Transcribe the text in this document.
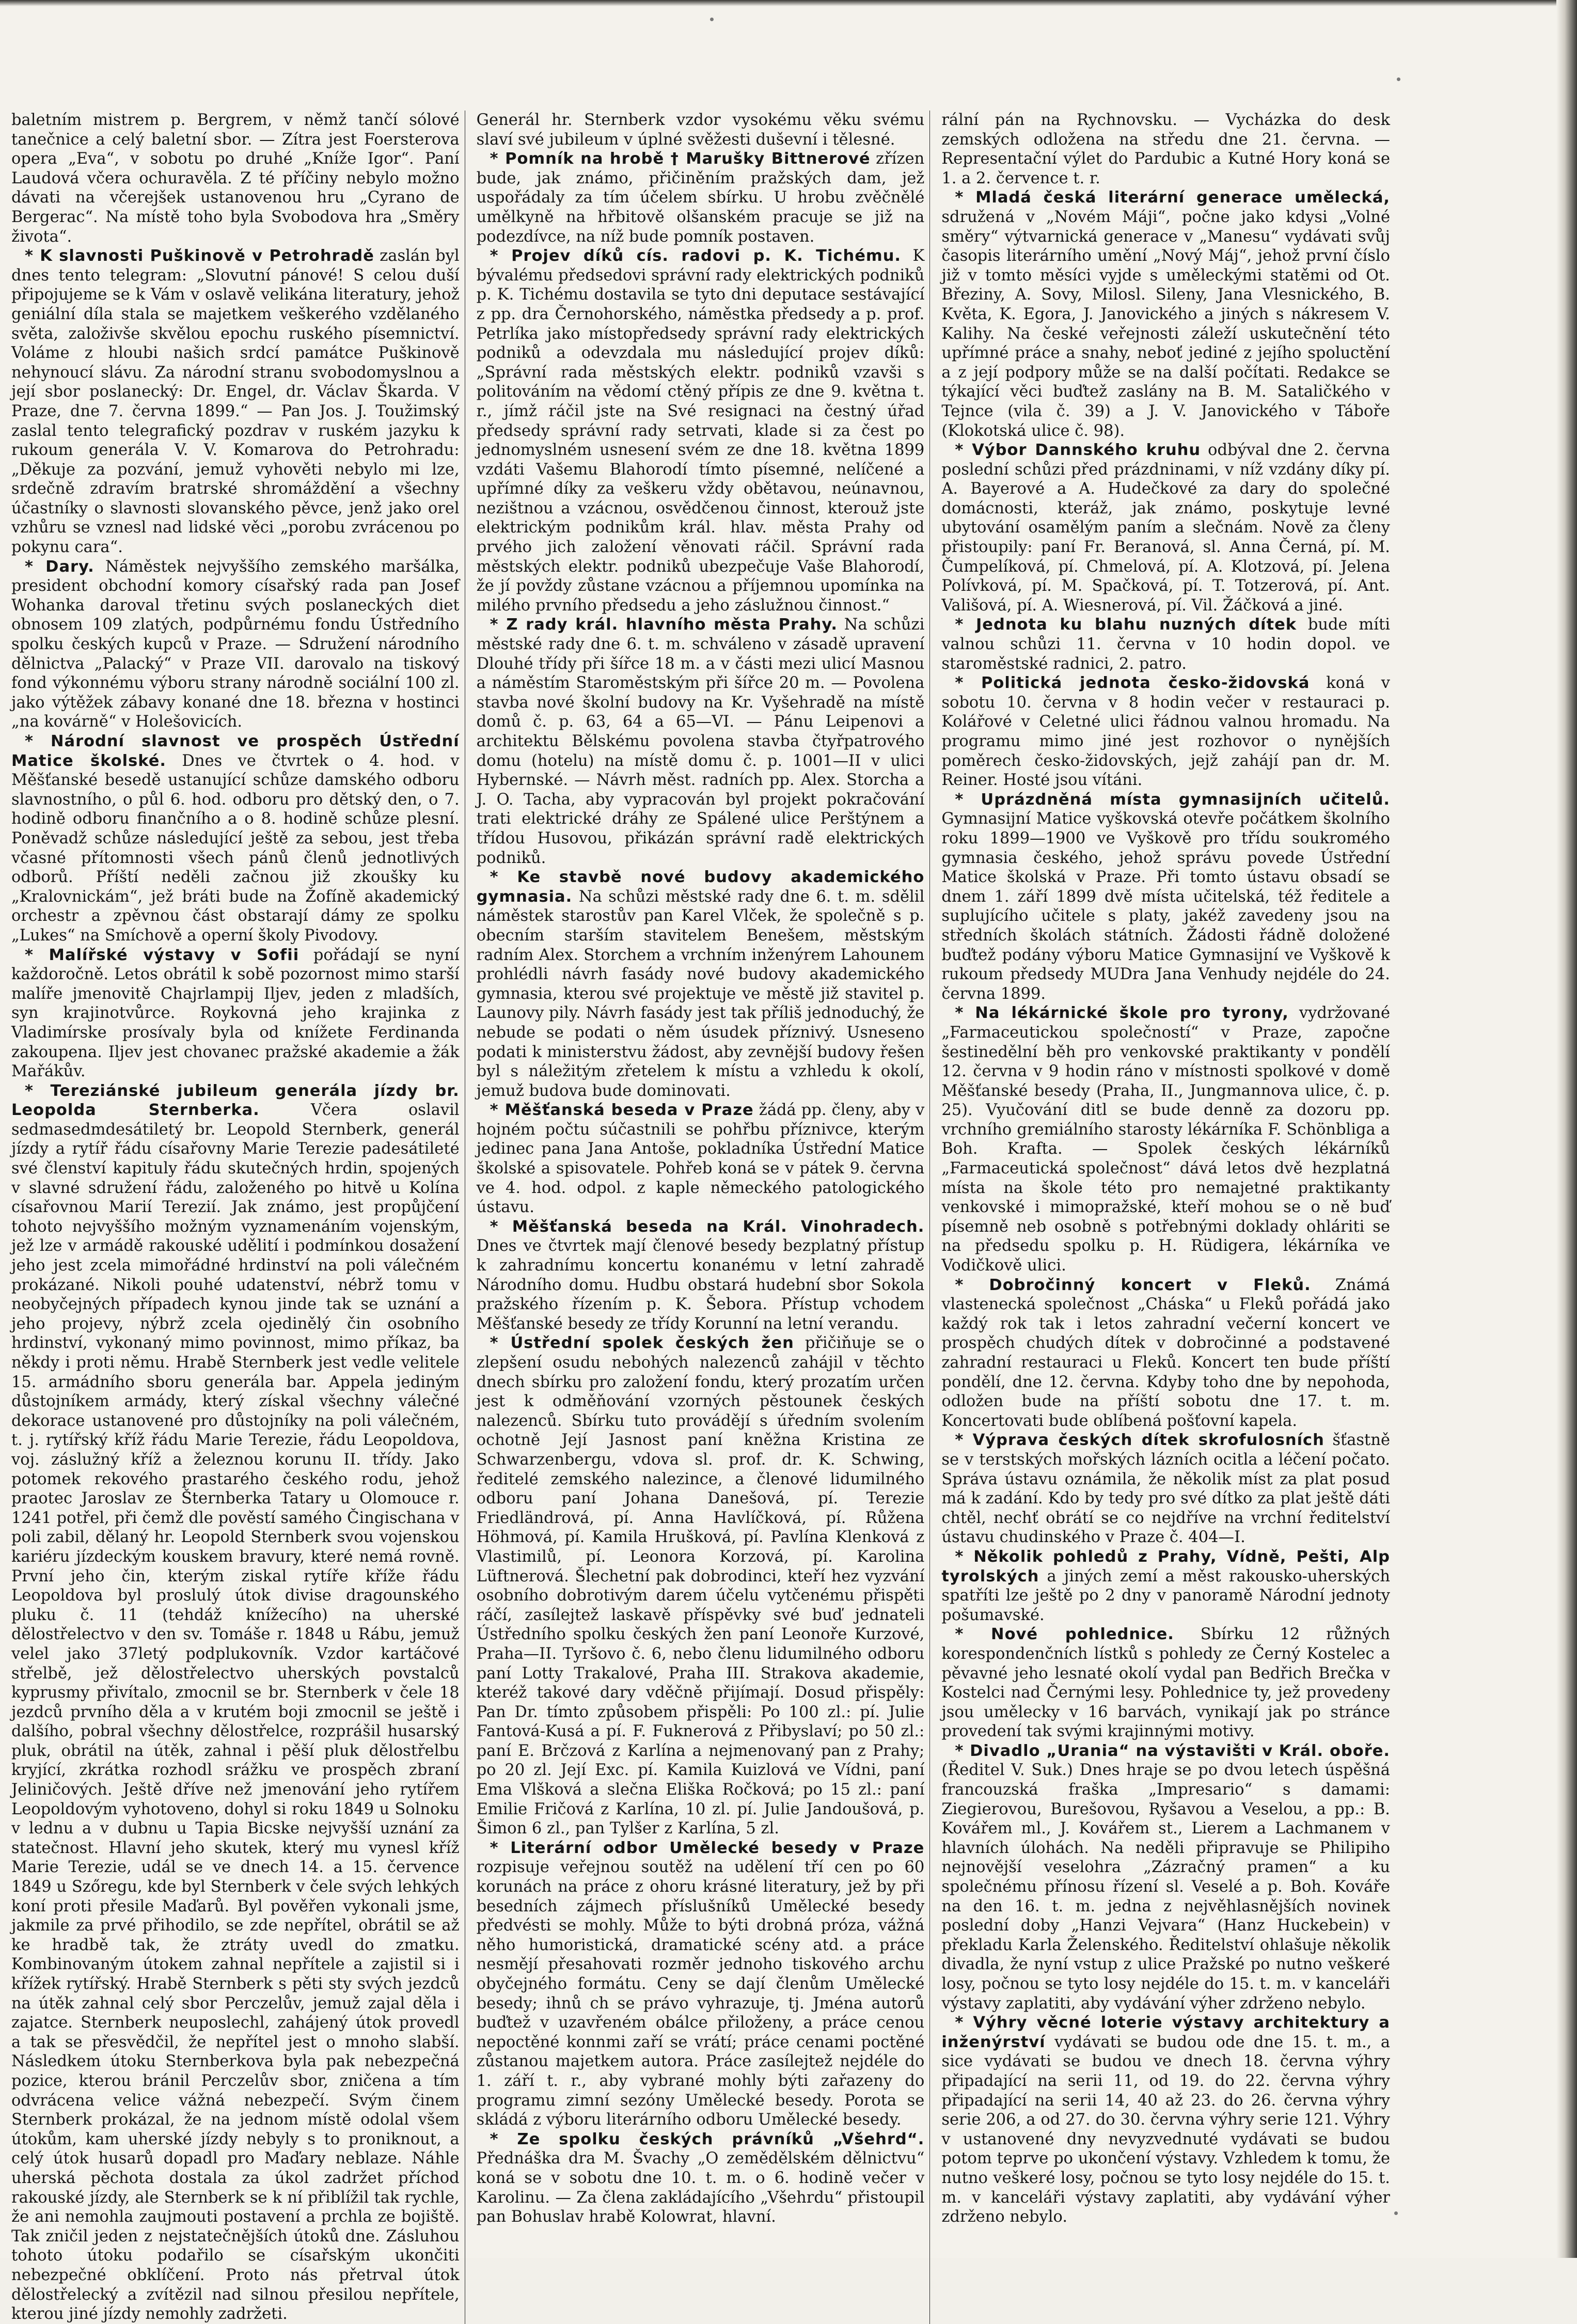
baletním mistrem p. Bergrem, v němž tančí sólové tanečnice a celý baletní sbor. — Zítra jest Foersterova opera „Eva“, v sobotu po druhé „Kníže Igor“. Paní Laudová včera ochuravěla. Z té příčiny nebylo možno dávati na včerejšek ustanovenou hru „Cyrano de Bergerac“. Na místě toho byla Svobodova hra „Směry života“.

* K slavnosti Puškinově v Petrohradě zaslán byl dnes tento telegram: „Slovutní pánové! S celou duší připojujeme se k Vám v oslavě velikána literatury, jehož geniální díla stala se majetkem veškerého vzdělaného světa, založivše skvělou epochu ruského písemnictví. Voláme z hloubi našich srdcí památce Puškinově nehynoucí slávu. Za národní stranu svobodomyslnou a její sbor poslanecký: Dr. Engel, dr. Václav Škarda. V Praze, dne 7. června 1899.“ — Pan Jos. J. Toužimský zaslal tento telegrafický pozdrav v ruském jazyku k rukoum generála V. V. Komarova do Petrohradu: „Děkuje za pozvání, jemuž vyhověti nebylo mi lze, srdečně zdravím bratrské shromáždění a všechny účastníky o slavnosti slovanského pěvce, jenž jako orel vzhůru se vznesl nad lidské věci „porobu zvrácenou po pokynu cara“.

* Dary. Náměstek nejvyššího zemského maršálka, president obchodní komory císařský rada pan Josef Wohanka daroval třetinu svých poslaneckých diet obnosem 109 zlatých, podpůrnému fondu Ústředního spolku českých kupců v Praze. — Sdružení národního dělnictva „Palacký“ v Praze VII. darovalo na tiskový fond výkonnému výboru strany národně sociální 100 zl. jako výtěžek zábavy konané dne 18. března v hostinci „na kovárně“ v Holešovicích.

* Národní slavnost ve prospěch Ústřední Matice školské. Dnes ve čtvrtek o 4. hod. v Měšťanské besedě ustanující schůze damského odboru slavnostního, o půl 6. hod. odboru pro dětský den, o 7. hodině odboru finančního a o 8. hodině schůze plesní. Poněvadž schůze následující ještě za sebou, jest třeba včasné přítomnosti všech pánů členů jednotlivých odborů. Příští neděli začnou již zkoušky ku „Kralovnickám“, jež bráti bude na Žofíně akademický orchestr a zpěvnou část obstarají dámy ze spolku „Lukes“ na Smíchově a operní školy Pivodovy.

* Malířské výstavy v Sofii pořádají se nyní každoročně. Letos obrátil k sobě pozornost mimo starší malíře jmenovitě Chajrlampij Iljev, jeden z mladších, syn krajinotvůrce. Roykovná jeho krajinka z Vladimírske prosívaly byla od knížete Ferdinanda zakoupena. Iljev jest chovanec pražské akademie a žák Mařákův.

* Tereziánské jubileum generála jízdy br. Leopolda Sternberka. Včera oslavil sedmasedmdesátiletý br. Leopold Sternberk, generál jízdy a rytíř řádu císařovny Marie Terezie padesátileté své členství kapituly řádu skutečných hrdin, spojených v slavné sdružení řádu, založeného po hitvě u Kolína císařovnou Marií Terezií. Jak známo, jest propůjčení tohoto nejvyššího možným vyznamenáním vojenským, jež lze v armádě rakouské udělití i podmínkou dosažení jeho jest zcela mimořádné hrdinství na poli válečném prokázané. Nikoli pouhé udatenství, nébrž tomu v neobyčejných případech kynou jinde tak se uznání a jeho projevy, nýbrž zcela ojedinělý čin osobního hrdinství, vykonaný mimo povinnost, mimo příkaz, ba někdy i proti němu. Hrabě Sternberk jest vedle velitele 15. armádního sboru generála bar. Appela jediným důstojníkem armády, který získal všechny válečné dekorace ustanovené pro důstojníky na poli válečném, t. j. rytířský kříž řádu Marie Terezie, řádu Leopoldova, voj. záslužný kříž a železnou korunu II. třídy. Jako potomek rekového prastarého českého rodu, jehož praotec Jaroslav ze Šternberka Tatary u Olomouce r. 1241 potřel, při čemž dle pověstí samého Čingischana v poli zabil, dělaný hr. Leopold Sternberk svou vojenskou kariéru jízdeckým kouskem bravury, které nemá rovně. První jeho čin, kterým ziskal rytíře kříže řádu Leopoldova byl proslulý útok divise dragounského pluku č. 11 (tehdáž knížecího) na uherské dělostřelectvo v den sv. Tomáše r. 1848 u Rábu, jemuž velel jako 37letý podplukovník. Vzdor kartáčové střelbě, jež dělostřelectvo uherských povstalců kyprusmy přivítalo, zmocnil se br. Sternberk v čele 18 jezdců prvního děla a v krutém boji zmocnil se ještě i dalšího, pobral všechny dělostřelce, rozprášil husarský pluk, obrátil na útěk, zahnal i pěší pluk dělostřelbu kryjící, zkrátka rozhodl srážku ve prospěch zbraní Jeliničových. Ještě dříve než jmenování jeho rytířem Leopoldovým vyhotoveno, dohyl si roku 1849 u Solnoku v lednu a v dubnu u Tapia Bicske nejvyšší uznání za statečnost. Hlavní jeho skutek, který mu vynesl kříž Marie Terezie, udál se ve dnech 14. a 15. července 1849 u Szőregu, kde byl Sternberk v čele svých lehkých koní proti přesile Maďarů. Byl pověřen vykonali jsme, jakmile za prvé přihodilo, se zde nepřítel, obrátil se až ke hradbě tak, že ztráty uvedl do zmatku. Kombinovaným útokem zahnal nepřítele a zajistil si i křížek rytířský. Hrabě Sternberk s pěti sty svých jezdců na útěk zahnal celý sbor Perczelův, jemuž zajal děla i zajatce. Sternberk neuposlechl, zahájený útok provedl a tak se přesvědčil, že nepřítel jest o mnoho slabší. Následkem útoku Sternberkova byla pak nebezpečná pozice, kterou bránil Perczelův sbor, zničena a tím odvrácena velice vážná nebezpečí. Svým činem Sternberk prokázal, že na jednom místě odolal všem útokům, kam uherské jízdy nebyly s to proniknout, a celý útok husarů dopadl pro Maďary neblaze. Náhle uherská pěchota dostala za úkol zadržet příchod rakouské jízdy, ale Sternberk se k ní přiblížil tak rychle, že ani nemohla zaujmouti postavení a prchla ze bojiště. Tak zničil jeden z nejstatečnějších útoků dne. Zásluhou tohoto útoku podařilo se císařským ukončiti nebezpečné obklíčení. Proto nás přetrval útok dělostřelecký a zvítězil nad silnou přesilou nepřítele, kterou jiné jízdy nemohly zadržeti.

Generál hr. Sternberk vzdor vysokému věku svému slaví své jubileum v úplné svěžesti duševní i tělesné.

* Pomník na hrobě † Marušky Bittnerové zřízen bude, jak známo, přičiněním pražských dam, jež uspořádaly za tím účelem sbírku. U hrobu zvěčnělé umělkyně na hřbitově olšanském pracuje se již na podezdívce, na níž bude pomník postaven.

* Projev díků cís. radovi p. K. Tichému. K bývalému předsedovi správní rady elektrických podniků p. K. Tichému dostavila se tyto dni deputace sestávající z pp. dra Černohorského, náměstka předsedy a p. prof. Petrlíka jako místopředsedy správní rady elektrických podniků a odevzdala mu následující projev díků: „Správní rada městských elektr. podniků vzavši s politováním na vědomí ctěný přípis ze dne 9. května t. r., jímž ráčil jste na Své resignaci na čestný úřad předsedy správní rady setrvati, klade si za čest po jednomyslném usnesení svém ze dne 18. května 1899 vzdáti Vašemu Blahorodí tímto písemné, nelíčené a upřímné díky za veškeru vždy obětavou, neúnavnou, nezištnou a vzácnou, osvědčenou činnost, kterouž jste elektrickým podnikům král. hlav. města Prahy od prvého jich založení věnovati ráčil. Správní rada městských elektr. podniků ubezpečuje Vaše Blahorodí, že jí povždy zůstane vzácnou a příjemnou upomínka na milého prvního předsedu a jeho záslužnou činnost.“

* Z rady král. hlavního města Prahy. Na schůzi městské rady dne 6. t. m. schváleno v zásadě upravení Dlouhé třídy při šířce 18 m. a v části mezi ulicí Masnou a náměstím Staroměstským při šířce 20 m. — Povolena stavba nové školní budovy na Kr. Vyšehradě na místě domů č. p. 63, 64 a 65—VI. — Pánu Leipenovi a architektu Bělskému povolena stavba čtyřpatrového domu (hotelu) na místě domu č. p. 1001—II v ulici Hybernské. — Návrh měst. radních pp. Alex. Storcha a J. O. Tacha, aby vypracován byl projekt pokračování trati elektrické dráhy ze Spálené ulice Perštýnem a třídou Husovou, přikázán správní radě elektrických podniků.

* Ke stavbě nové budovy akademického gymnasia. Na schůzi městské rady dne 6. t. m. sdělil náměstek starostův pan Karel Vlček, že společně s p. obecním starším stavitelem Benešem, městským radním Alex. Storchem a vrchním inženýrem Lahounem prohlédli návrh fasády nové budovy akademického gymnasia, kterou své projektuje ve městě již stavitel p. Launovy pily. Návrh fasády jest tak příliš jednoduchý, že nebude se podati o něm úsudek příznivý. Usneseno podati k ministerstvu žádost, aby zevnější budovy řešen byl s náležitým zřetelem k místu a vzhledu k okolí, jemuž budova bude dominovati.

* Měšťanská beseda v Praze žádá pp. členy, aby v hojném počtu súčastnili se pohřbu příznivce, kterým jedinec pana Jana Antoše, pokladníka Ústřední Matice školské a spisovatele. Pohřeb koná se v pátek 9. června ve 4. hod. odpol. z kaple německého patologického ústavu.

* Měšťanská beseda na Král. Vinohradech. Dnes ve čtvrtek mají členové besedy bezplatný přístup k zahradnímu koncertu konanému v letní zahradě Národního domu. Hudbu obstará hudební sbor Sokola pražského řízením p. K. Šebora. Přístup vchodem Měšťanské besedy ze třídy Korunní na letní verandu.

* Ústřední spolek českých žen přičiňuje se o zlepšení osudu nebohých nalezenců zahájil v těchto dnech sbírku pro založení fondu, který prozatím určen jest k odměňování vzorných pěstounek českých nalezenců. Sbírku tuto provádějí s úředním svolením ochotně Její Jasnost paní kněžna Kristina ze Schwarzenbergu, vdova sl. prof. dr. K. Schwing, ředitelé zemského nalezince, a členové lidumilného odboru paní Johana Danešová, pí. Terezie Friedländrová, pí. Anna Havlíčková, pí. Růžena Höhmová, pí. Kamila Hrušková, pí. Pavlína Klenková z Vlastimilů, pí. Leonora Korzová, pí. Karolina Lüftnerová. Šlechetní pak dobrodinci, kteří hez vyzvání osobního dobrotivým darem účelu vytčenému přispěti ráčí, zasílejtež laskavě příspěvky své buď jednateli Ústředního spolku českých žen paní Leonoře Kurzové, Praha—II. Tyršovo č. 6, nebo členu lidumilného odboru paní Lotty Trakalové, Praha III. Strakova akademie, kteréž takové dary vděčně přijímají. Dosud přispěly: Pan Dr. tímto způsobem přispěli: Po 100 zl.: pí. Julie Fantová-Kusá a pí. F. Fuknerová z Přibyslaví; po 50 zl.: paní E. Brčzová z Karlína a nejmenovaný pan z Prahy; po 20 zl. Její Exc. pí. Kamila Kuizlová ve Vídni, paní Ema Vlšková a slečna Eliška Ročková; po 15 zl.: paní Emilie Fričová z Karlína, 10 zl. pí. Julie Jandoušová, p. Šimon 6 zl., pan Tylšer z Karlína, 5 zl.

* Literární odbor Umělecké besedy v Praze rozpisuje veřejnou soutěž na udělení tří cen po 60 korunách na práce z ohoru krásné literatury, jež by při besedních zájmech příslušníků Umělecké besedy předvésti se mohly. Může to býti drobná próza, vážná něho humoristická, dramatické scény atd. a práce nesmějí přesahovati rozměr jednoho tiskového archu obyčejného formátu. Ceny se dají členům Umělecké besedy; ihnů ch se právo vyhrazuje, tj. Jména autorů buďtež v uzavřeném obálce přiloženy, a práce cenou nepoctěné konnmi zaří se vrátí; práce cenami poctěné zůstanou majetkem autora. Práce zasílejtež nejdéle do 1. září t. r., aby vybrané mohly býti zařazeny do programu zimní sezóny Umělecké besedy. Porota se skládá z výboru literárního odboru Umělecké besedy.

* Ze spolku českých právníků „Všehrd“. Přednáška dra M. Švachy „O zemědělském dělnictvu“ koná se v sobotu dne 10. t. m. o 6. hodině večer v Karolinu. — Za člena zakládajícího „Všehrdu“ přistoupil pan Bohuslav hrabě Kolowrat, hlavní.

rální pán na Rychnovsku. — Vycházka do desk zemských odložena na středu dne 21. června. — Representační výlet do Pardubic a Kutné Hory koná se 1. a 2. července t. r.

* Mladá česká literární generace umělecká, sdružená v „Novém Máji“, počne jako kdysi „Volné směry“ výtvarnická generace v „Manesu“ vydávati svůj časopis literárního umění „Nový Máj“, jehož první číslo již v tomto měsíci vyjde s uměleckými statěmi od Ot. Březiny, A. Sovy, Milosl. Sileny, Jana Vlesnického, B. Květa, K. Egora, J. Janovického a jiných s nákresem V. Kalihy. Na české veřejnosti záleží uskutečnění této upřímné práce a snahy, neboť jediné z jejího spoluctění a z její podpory může se na další počítati. Redakce se týkající věci buďtež zaslány na B. M. Sataličkého v Tejnce (vila č. 39) a J. V. Janovického v Táboře (Klokotská ulice č. 98).

* Výbor Dannského kruhu odbýval dne 2. června poslední schůzi před prázdninami, v níž vzdány díky pí. A. Bayerové a A. Hudečkové za dary do společné domácnosti, kteráž, jak známo, poskytuje levné ubytování osamělým paním a slečnám. Nově za členy přistoupily: paní Fr. Beranová, sl. Anna Černá, pí. M. Čumpelíková, pí. Chmelová, pí. A. Klotzová, pí. Jelena Polívková, pí. M. Spačková, pí. T. Totzerová, pí. Ant. Vališová, pí. A. Wiesnerová, pí. Vil. Žáčková a jiné.

* Jednota ku blahu nuzných dítek bude míti valnou schůzi 11. června v 10 hodin dopol. ve staroměstské radnici, 2. patro.

* Politická jednota česko-židovská koná v sobotu 10. června v 8 hodin večer v restauraci p. Kolářové v Celetné ulici řádnou valnou hromadu. Na programu mimo jiné jest rozhovor o nynějších poměrech česko-židovských, jejž zahájí pan dr. M. Reiner. Hosté jsou vítáni.

* Uprázdněná místa gymnasijních učitelů. Gymnasijní Matice vyškovská otevře počátkem školního roku 1899—1900 ve Vyškově pro třídu soukromého gymnasia českého, jehož správu povede Ústřední Matice školská v Praze. Při tomto ústavu obsadí se dnem 1. září 1899 dvě místa učitelská, též ředitele a suplujícího učitele s platy, jakéž zavedeny jsou na středních školách státních. Žádosti řádně doložené buďtež podány výboru Matice Gymnasijní ve Vyškově k rukoum předsedy MUDra Jana Venhudy nejdéle do 24. června 1899.

* Na lékárnické škole pro tyrony, vydržované „Farmaceutickou společností“ v Praze, započne šestinedělní běh pro venkovské praktikanty v pondělí 12. června v 9 hodin ráno v místnosti spolkové v domě Měšťanské besedy (Praha, II., Jungmannova ulice, č. p. 25). Vyučování ditl se bude denně za dozoru pp. vrchního gremiálního starosty lékárníka F. Schönbliga a Boh. Krafta. — Spolek českých lékárníků „Farmaceutická společnost“ dává letos dvě hezplatná místa na škole této pro nemajetné praktikanty venkovské i mimopražské, kteří mohou se o ně buď písemně neb osobně s potřebnými doklady ohláriti se na předsedu spolku p. H. Rüdigera, lékárníka ve Vodičkově ulici.

* Dobročinný koncert v Fleků. Známá vlastenecká společnost „Cháska“ u Fleků pořádá jako každý rok tak i letos zahradní večerní koncert ve prospěch chudých dítek v dobročinné a podstavené zahradní restauraci u Fleků. Koncert ten bude příští pondělí, dne 12. června. Kdyby toho dne by nepohoda, odložen bude na příští sobotu dne 17. t. m. Koncertovati bude oblíbená pošťovní kapela.

* Výprava českých dítek skrofulosních šťastně se v terstských mořských lázních ocitla a léčení počato. Správa ústavu oznámila, že několik míst za plat posud má k zadání. Kdo by tedy pro své dítko za plat ještě dáti chtěl, nechť obrátí se co nejdříve na vrchní ředitelství ústavu chudinského v Praze č. 404—I.

* Několik pohledů z Prahy, Vídně, Pešti, Alp tyrolských a jiných zemí a měst rakousko-uherských spatříti lze ještě po 2 dny v panoramě Národní jednoty pošumavské.

* Nové pohlednice. Sbírku 12 růžných korespondenčních lístků s pohledy ze Černý Kostelec a pěvavné jeho lesnaté okolí vydal pan Bedřich Brečka v Kostelci nad Černými lesy. Pohlednice ty, jež provedeny jsou umělecky v 16 barvách, vynikají jak po stránce provedení tak svými krajinnými motivy.

* Divadlo „Urania“ na výstavišti v Král. oboře. (Ředitel V. Suk.) Dnes hraje se po dvou letech úspěšná francouzská fraška „Impresario“ s damami: Ziegierovou, Burešovou, Ryšavou a Veselou, a pp.: B. Kovářem ml., J. Kovářem st., Lierem a Lachmanem v hlavních úlohách. Na neděli připravuje se Philipiho nejnovější veselohra „Zázračný pramen“ a ku společnému přínosu řízení sl. Veselé a p. Boh. Kováře na den 16. t. m. jedna z nejvěhlasnějších novinek poslední doby „Hanzi Vejvara“ (Hanz Huckebein) v překladu Karla Želenského. Ředitelství ohlašuje několik divadla, že nyní vstup z ulice Pražské po nutno veškeré losy, počnou se tyto losy nejdéle do 15. t. m. v kanceláři výstavy zaplatiti, aby vydávání výher zdrženo nebylo.

* Výhry věcné loterie výstavy architektury a inženýrství vydávati se budou ode dne 15. t. m., a sice vydávati se budou ve dnech 18. června výhry připadající na serii 11, od 19. do 22. června výhry připadající na serii 14, 40 až 23. do 26. června výhry serie 206, a od 27. do 30. června výhry serie 121. Výhry v ustanovené dny nevyzvednuté vydávati se budou potom teprve po ukončení výstavy. Vzhledem k tomu, že nutno veškeré losy, počnou se tyto losy nejdéle do 15. t. m. v kanceláři výstavy zaplatiti, aby vydávání výher zdrženo nebylo.
